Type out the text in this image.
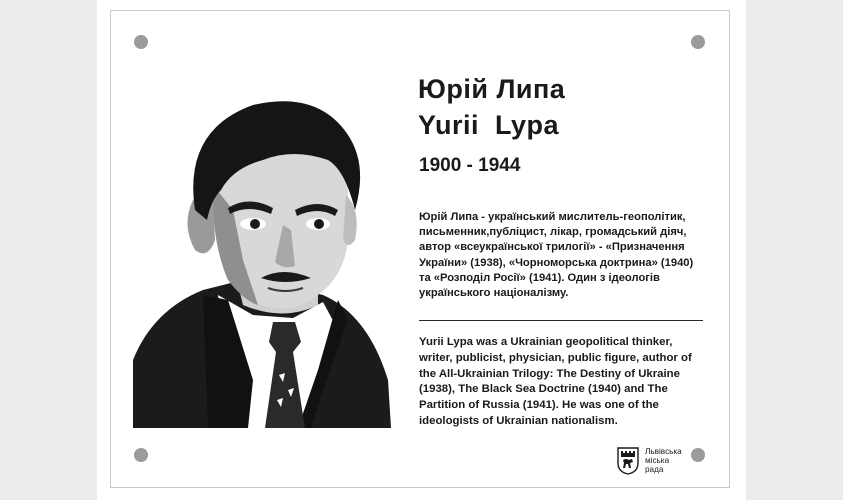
Юрій Липа
Yurii  Lypa
1900 - 1944
Юрій Липа - український мислитель-геополітик,
письменник,публіцист, лікар, громадський діяч,
автор «всеукраїнської трилогії» - «Призначення
України» (1938), «Чорноморська доктрина» (1940)
та «Розподіл Росії» (1941). Один з ідеологів
українського націоналізму.
Yurii Lypa was a Ukrainian geopolitical thinker,
writer, publicist, physician, public figure, author of
the All-Ukrainian Trilogy: The Destiny of Ukraine
(1938), The Black Sea Doctrine (1940) and The
Partition of Russia (1941). He was one of the
ideologists of Ukrainian nationalism.
Львівська
міська
рада
